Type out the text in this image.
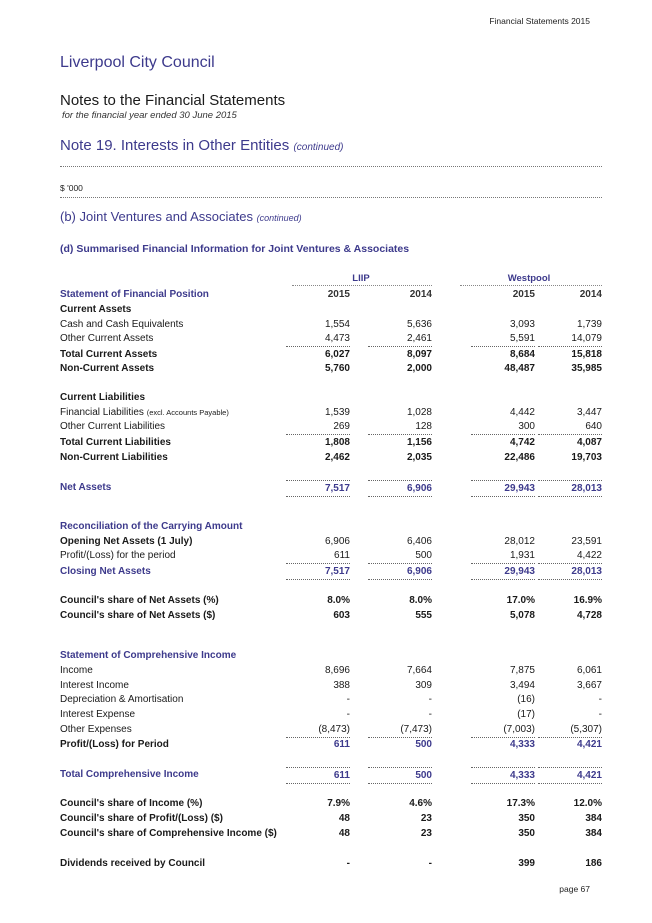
Financial Statements 2015
Liverpool City Council
Notes to the Financial Statements
for the financial year ended 30 June 2015
Note 19. Interests in Other Entities (continued)
$ '000
(b) Joint Ventures and Associates (continued)
(d) Summarised Financial Information for Joint Ventures & Associates
LIIP	Westpool
Statement of Financial Position	2015	2014	2015	2014
Current Assets
Cash and Cash Equivalents	1,554	5,636	3,093	1,739
Other Current Assets	4,473	2,461	5,591	14,079
Total Current Assets	6,027	8,097	8,684	15,818
Non-Current Assets	5,760	2,000	48,487	35,985
Current Liabilities
Financial Liabilities (excl. Accounts Payable)	1,539	1,028	4,442	3,447
Other Current Liabilities	269	128	300	640
Total Current Liabilities	1,808	1,156	4,742	4,087
Non-Current Liabilities	2,462	2,035	22,486	19,703
Net Assets	7,517	6,906	29,943	28,013
Reconciliation of the Carrying Amount
Opening Net Assets (1 July)	6,906	6,406	28,012	23,591
Profit/(Loss) for the period	611	500	1,931	4,422
Closing Net Assets	7,517	6,906	29,943	28,013
Council's share of Net Assets (%)	8.0%	8.0%	17.0%	16.9%
Council's share of Net Assets ($)	603	555	5,078	4,728
Statement of Comprehensive Income
Income	8,696	7,664	7,875	6,061
Interest Income	388	309	3,494	3,667
Depreciation & Amortisation	-	-	(16)	-
Interest Expense	-	-	(17)	-
Other Expenses	(8,473)	(7,473)	(7,003)	(5,307)
Profit/(Loss) for Period	611	500	4,333	4,421
Total Comprehensive Income	611	500	4,333	4,421
Council's share of Income (%)	7.9%	4.6%	17.3%	12.0%
Council's share of Profit/(Loss) ($)	48	23	350	384
Council's share of Comprehensive Income ($)	48	23	350	384
Dividends received by Council	-	-	399	186
page 67
